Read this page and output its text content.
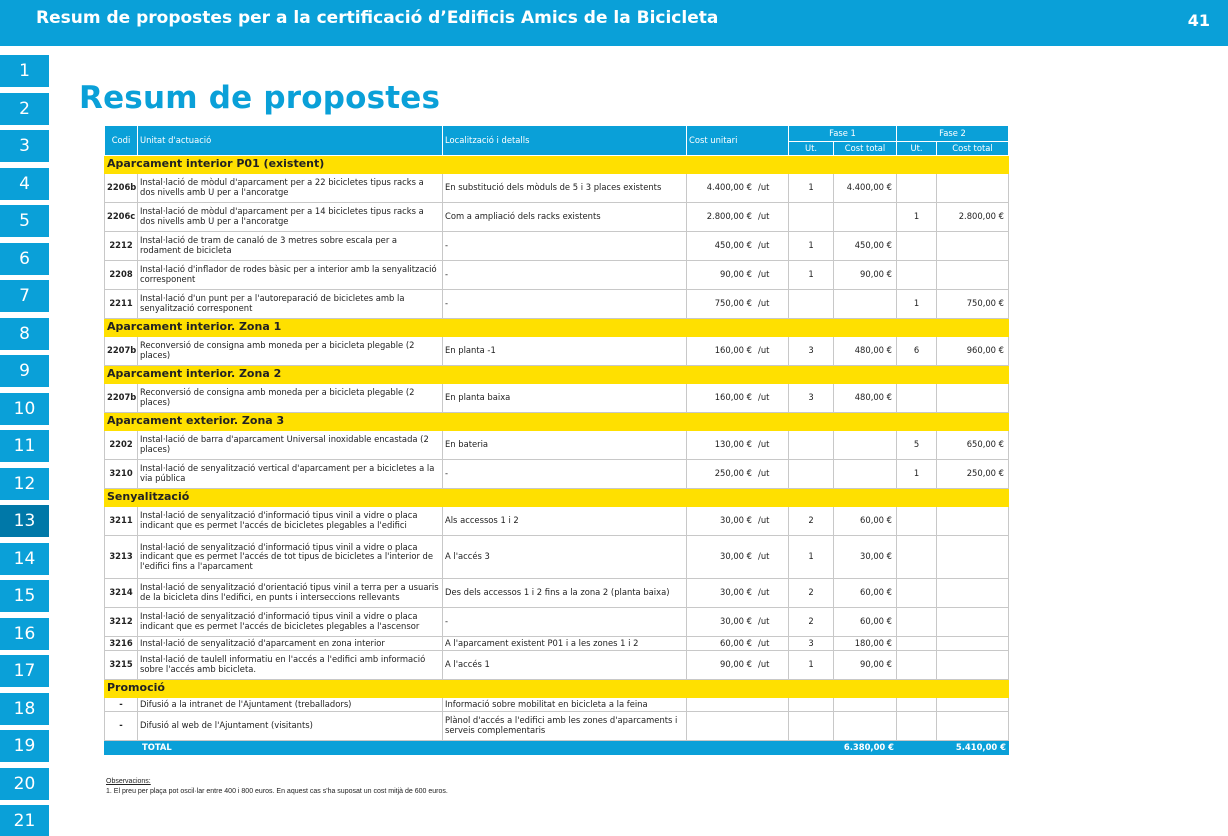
Resum de propostes per a la certificació d’Edificis Amics de la Bicicleta	41
1
2
3
4
5
6
7
8
9
10
11
12
13
14
15
16
17
18
19
20
21
Resum de propostes
Codi	Unitat d'actuació	Localització i detalls	Cost unitari	Fase 1		Fase 2	
				Ut.	Cost total	Ut.	Cost total
Aparcament interior P01 (existent)							
2206b	Instal·lació de mòdul d'aparcament per a 22 bicicletes tipus racks a dos nivells amb U per a l'ancoratge	En substitució dels mòduls de 5 i 3 places existents	4.400,00 € /ut	1	4.400,00 €		
2206c	Instal·lació de mòdul d'aparcament per a 14 bicicletes tipus racks a dos nivells amb U per a l'ancoratge	Com a ampliació dels racks existents	2.800,00 € /ut			1	2.800,00 €
2212	Instal·lació de tram de canaló de 3 metres sobre escala per a rodament de bicicleta	-	450,00 € /ut	1	450,00 €		
2208	Instal·lació d'inflador de rodes bàsic per a interior amb la senyalització corresponent	-	90,00 € /ut	1	90,00 €		
2211	Instal·lació d'un punt per a l'autoreparació de bicicletes amb la senyalització corresponent	-	750,00 € /ut			1	750,00 €
Aparcament interior. Zona 1							
2207b	Reconversió de consigna amb moneda per a bicicleta plegable (2 places)	En planta -1	160,00 € /ut	3	480,00 €	6	960,00 €
Aparcament interior. Zona 2							
2207b	Reconversió de consigna amb moneda per a bicicleta plegable (2 places)	En planta baixa	160,00 € /ut	3	480,00 €		
Aparcament exterior. Zona 3							
2202	Instal·lació de barra d'aparcament Universal inoxidable encastada (2 places)	En bateria	130,00 € /ut			5	650,00 €
3210	Instal·lació de senyalització vertical d'aparcament per a bicicletes a la via pública	-	250,00 € /ut			1	250,00 €
Senyalització							
3211	Instal·lació de senyalització d'informació tipus vinil a vidre o placa indicant que es permet l'accés de bicicletes plegables a l'edifici	Als accessos 1 i 2	30,00 € /ut	2	60,00 €		
3213	Instal·lació de senyalització d'informació tipus vinil a vidre o placa indicant que es permet l'accés de tot tipus de bicicletes a l'interior de l'edifici fins a l'aparcament	A l'accés 3	30,00 € /ut	1	30,00 €		
3214	Instal·lació de senyalització d'orientació tipus vinil a terra per a usuaris de la bicicleta dins l'edifici, en punts i interseccions rellevants	Des dels accessos 1 i 2 fins a la zona 2 (planta baixa)	30,00 € /ut	2	60,00 €		
3212	Instal·lació de senyalització d'informació tipus vinil a vidre o placa indicant que es permet l'accés de bicicletes plegables a l'ascensor	-	30,00 € /ut	2	60,00 €		
3216	Instal·lació de senyalització d'aparcament en zona interior	A l'aparcament existent P01 i a les zones 1 i 2	60,00 € /ut	3	180,00 €		
3215	Instal·lació de taulell informatiu en l'accés a l'edifici amb informació sobre l'accés amb bicicleta.	A l'accés 1	90,00 € /ut	1	90,00 €		
Promoció							
-	Difusió a la intranet de l'Ajuntament (treballadors)	Informació sobre mobilitat en bicicleta a la feina					
-	Difusió al web de l'Ajuntament (visitants)	Plànol d'accés a l'edifici amb les zones d'aparcaments i serveis complementaris					
	TOTAL				6.380,00 €		5.410,00 €
Observacions:
1. El preu per plaça pot oscil·lar entre 400 i 800 euros. En aquest cas s'ha suposat un cost mitjà de 600 euros.
